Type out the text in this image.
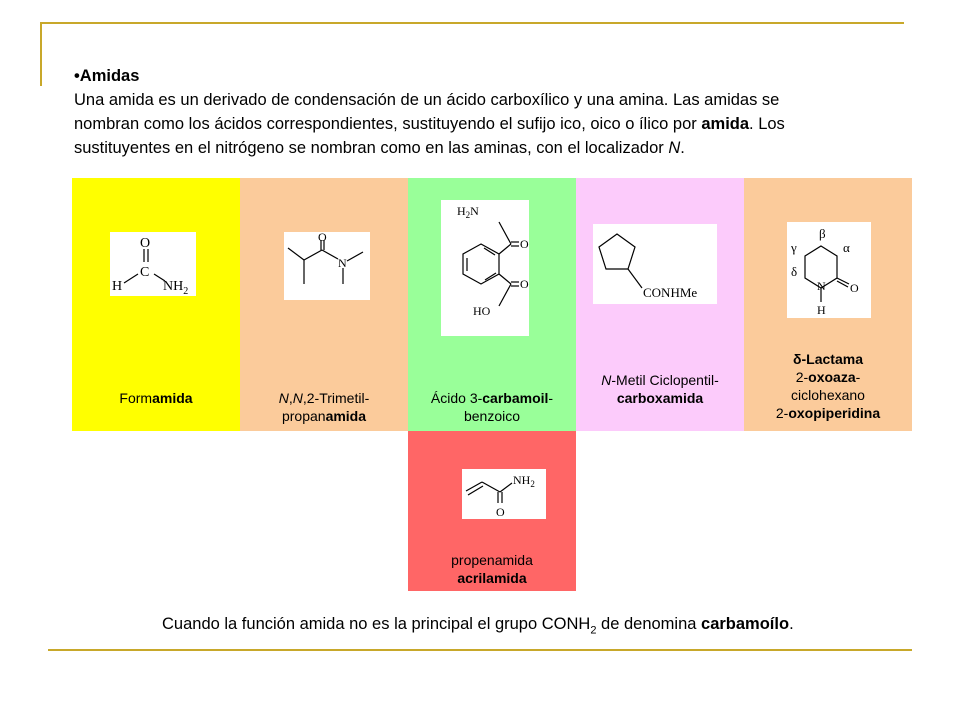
•Amidas
Una amida es un derivado de condensación de un ácido carboxílico y una amina. Las amidas se
nombran como los ácidos correspondientes, sustituyendo el sufijo ico, oico o ílico por amida. Los
sustituyentes en el nitrógeno se nombran como en las aminas, con el localizador N.
O
C
H	$NH_2$
Formamida
O
N
N,N,2-Trimetil-
propanamida
$H_2N$
O
O
HO
Ácido 3-carbamoil-
benzoico
CONHMe
N-Metil Ciclopentil-
carboxamida
β
γ	α
δ
N
H
O
δ-Lactama
2-oxoaza-
ciclohexano
2-oxopiperidina
$NH_2$
O
propenamida
acrilamida
Cuando la función amida no es la principal el grupo $CONH_2$ de denomina carbamoílo.
